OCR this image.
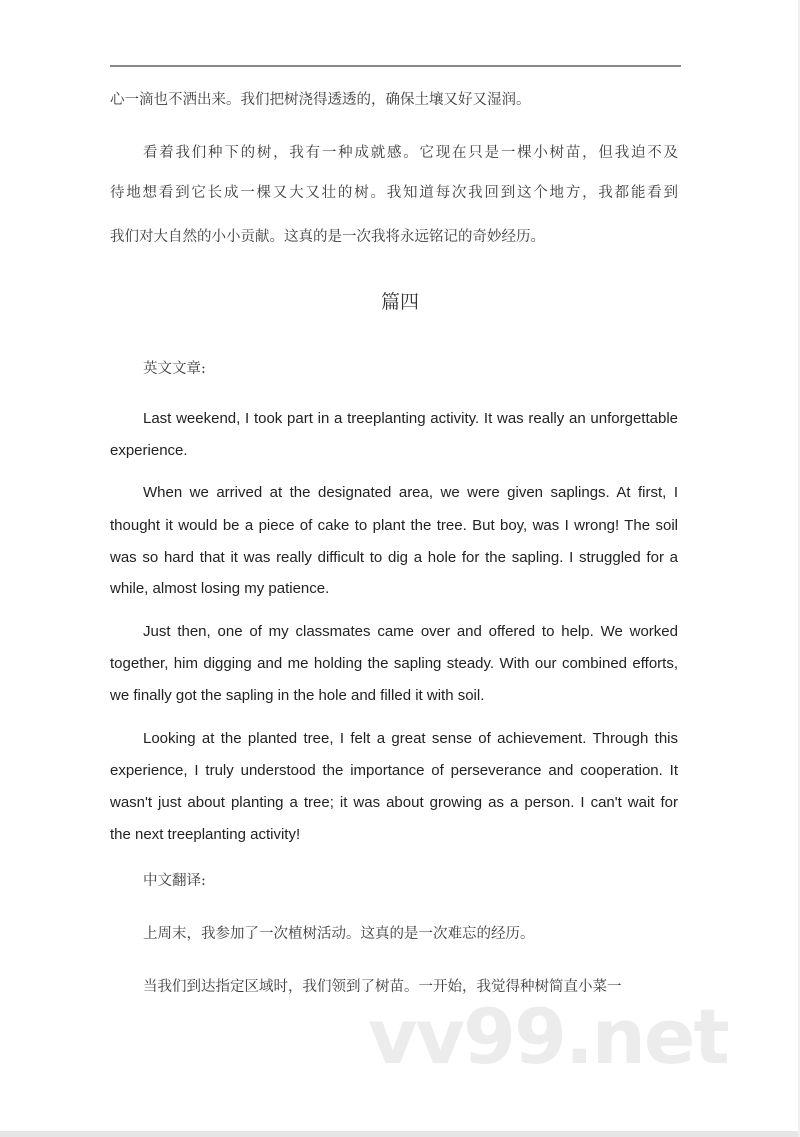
心一滴也不洒出来。我们把树浇得透透的，确保土壤又好又湿润。
看着我们种下的树，我有一种成就感。它现在只是一棵小树苗，但我迫不及
待地想看到它长成一棵又大又壮的树。我知道每次我回到这个地方，我都能看到
我们对大自然的小小贡献。这真的是一次我将永远铭记的奇妙经历。
篇四
英文文章:
Last weekend, I took part in a treeplanting activity. It was really an unforgettable
experience.
When we arrived at the designated area, we were given saplings. At first, I
thought it would be a piece of cake to plant the tree. But boy, was I wrong! The soil
was so hard that it was really difficult to dig a hole for the sapling. I struggled for a
while, almost losing my patience.
Just then, one of my classmates came over and offered to help. We worked
together, him digging and me holding the sapling steady. With our combined efforts,
we finally got the sapling in the hole and filled it with soil.
Looking at the planted tree, I felt a great sense of achievement. Through this
experience, I truly understood the importance of perseverance and cooperation. It
wasn't just about planting a tree; it was about growing as a person. I can't wait for
the next treeplanting activity!
中文翻译:
上周末，我参加了一次植树活动。这真的是一次难忘的经历。
当我们到达指定区域时，我们领到了树苗。一开始，我觉得种树简直小菜一
vv99.net
